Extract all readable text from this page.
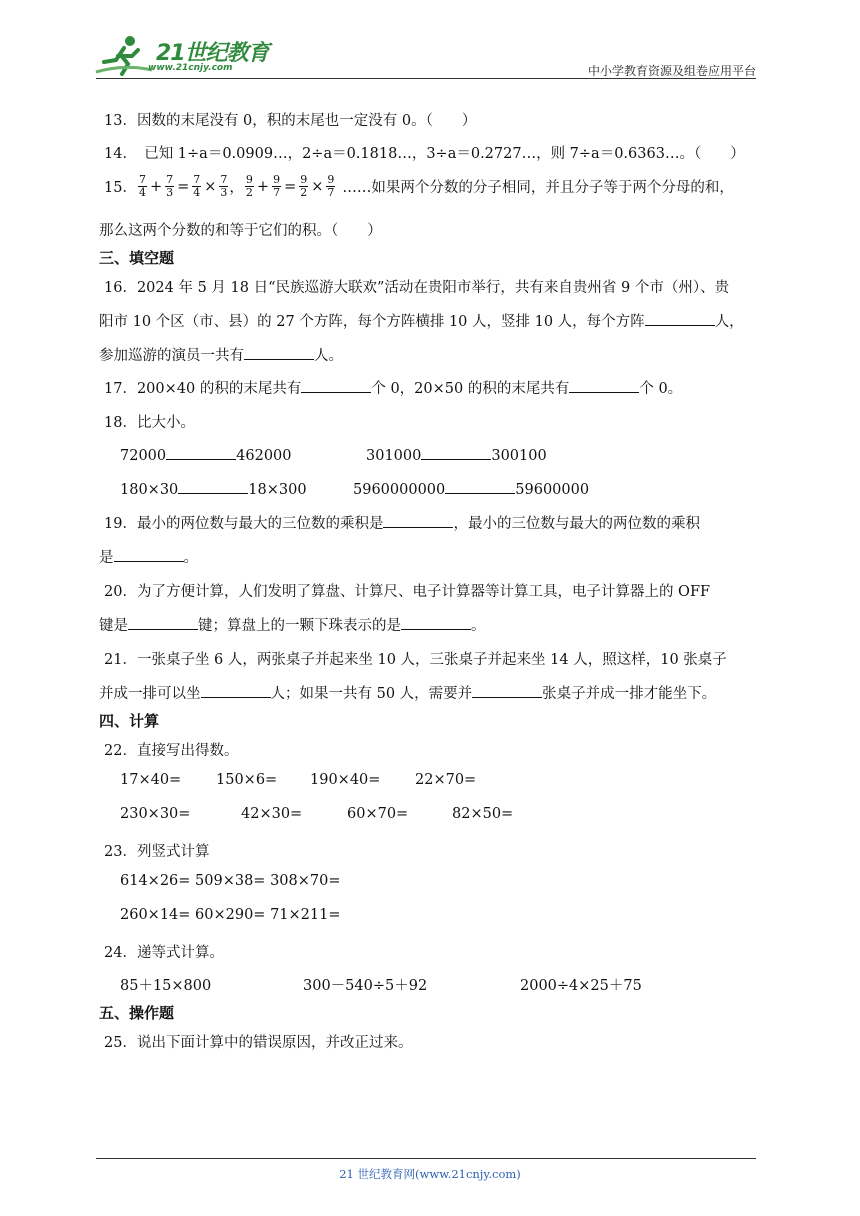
21世纪教育
www.21cnjy.com	中小学教育资源及组卷应用平台
13．因数的末尾没有 0，积的末尾也一定没有 0。（　　）
14．　已知 1÷a＝0.0909…，2÷a＝0.1818…，3÷a＝0.2727…，则 7÷a＝0.6363…。（　　）
15． $\frac{7}{4} + \frac{7}{3} = \frac{7}{4} \times \frac{7}{3}$ ， $\frac{9}{2} + \frac{9}{7} = \frac{9}{2} \times \frac{9}{7}$ ……如果两个分数的分子相同，并且分子等于两个分母的和，
那么这两个分数的和等于它们的积。（　　）
三、填空题
16．2024 年 5 月 18 日“民族巡游大联欢”活动在贵阳市举行，共有来自贵州省 9 个市（州）、贵
阳市 10 个区（市、县）的 27 个方阵，每个方阵横排 10 人，竖排 10 人，每个方阵	人，
参加巡游的演员一共有	人。
17．200×40 的积的末尾共有	个 0，20×50 的积的末尾共有	个 0。
18．比大小。
72000	462000	301000	300100
180×30	18×300	5960000000	59600000
19．最小的两位数与最大的三位数的乘积是	，最小的三位数与最大的两位数的乘积
是	。
20．为了方便计算，人们发明了算盘、计算尺、电子计算器等计算工具，电子计算器上的 OFF
键是	键；算盘上的一颗下珠表示的是	。
21．一张桌子坐 6 人，两张桌子并起来坐 10 人，三张桌子并起来坐 14 人，照这样，10 张桌子
并成一排可以坐	人；如果一共有 50 人，需要并	张桌子并成一排才能坐下。
四、计算
22．直接写出得数。
17×40= 150×6= 190×40= 22×70=
230×30=	42×30=	60×70=	82×50=
23．列竖式计算
614×26= 509×38= 308×70=
260×14= 60×290= 71×211=
24．递等式计算。
85＋15×800	300－540÷5＋92	2000÷4×25＋75
五、操作题
25．说出下面计算中的错误原因，并改正过来。
21 世纪教育网(www.21cnjy.com)
